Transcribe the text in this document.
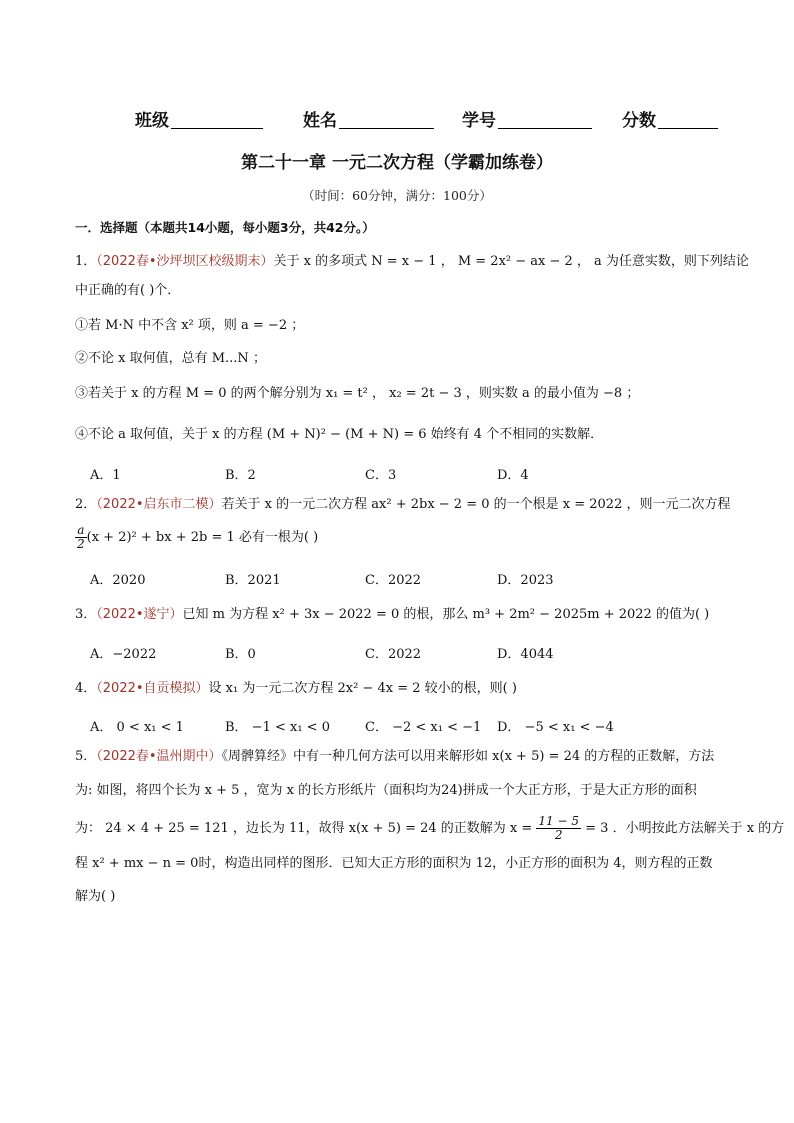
班级	姓名	学号	分数
第二十一章 一元二次方程（学霸加练卷）
（时间：60分钟，满分：100分）
一．选择题（本题共14小题，每小题3分，共42分。）
1．（2022春•沙坪坝区校级期末）关于 x 的多项式 N = x − 1 ， M = 2x² − ax − 2 ， a 为任意实数，则下列结论
中正确的有( )个．
①若 M·N 中不含 x² 项，则 a = −2 ；
②不论 x 取何值，总有 M...N ；
③若关于 x 的方程 M = 0 的两个解分别为 x₁ = t² ， x₂ = 2t − 3 ，则实数 a 的最小值为 −8 ；
④不论 a 取何值，关于 x 的方程 (M + N)² − (M + N) = 6 始终有 4 个不相同的实数解．
A．1	B．2	C．3	D．4
2．（2022•启东市二模）若关于 x 的一元二次方程 ax² + 2bx − 2 = 0 的一个根是 x = 2022 ，则一元二次方程
$\frac{a}{2} (x + 2)^2$ + bx + 2b = 1 必有一根为( )
A．2020	B．2021	C．2022	D．2023
3．（2022•遂宁）已知 m 为方程 x² + 3x − 2022 = 0 的根，那么 m³ + 2m² − 2025m + 2022 的值为( )
A．−2022	B．0	C．2022	D．4044
4．（2022•自贡模拟）设 x₁ 为一元二次方程 2x² − 4x = 2 较小的根，则( )
A． 0 < x₁ < 1	B． −1 < x₁ < 0	C． −2 < x₁ < −1 D． −5 < x₁ < −4
5．（2022春•温州期中）《周髀算经》中有一种几何方法可以用来解形如 x(x + 5) = 24 的方程的正数解，方法
为: 如图，将四个长为 x + 5 ，宽为 x 的长方形纸片（面积均为24)拼成一个大正方形，于是大正方形的面积
为： 24 × 4 + 25 = 121 ，边长为 11，故得 x(x + 5) = 24 的正数解为 $x = \frac{11 - 5}{2} = 3$ ．小明按此方法解关于 x 的方
程 x² + mx − n = 0时，构造出同样的图形．已知大正方形的面积为 12，小正方形的面积为 4，则方程的正数
解为( )
